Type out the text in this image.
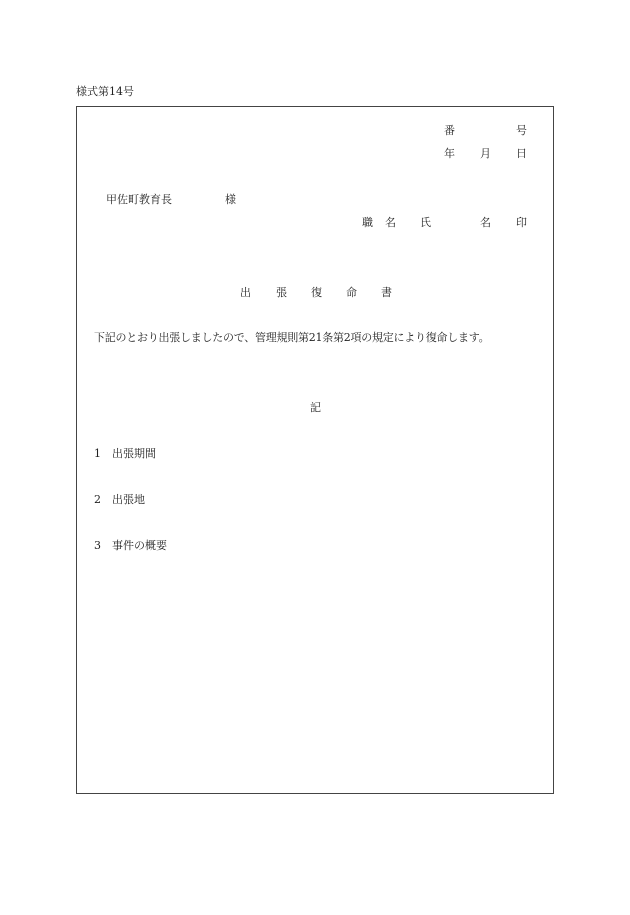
様式第14号
番	号
年 月 日
甲佐町教育長	様
職 名 氏	名 印
出 張 復 命 書
下記のとおり出張しましたので、管理規則第21条第2項の規定により復命します。
記
1 出張期間
2 出張地
3 事件の概要
